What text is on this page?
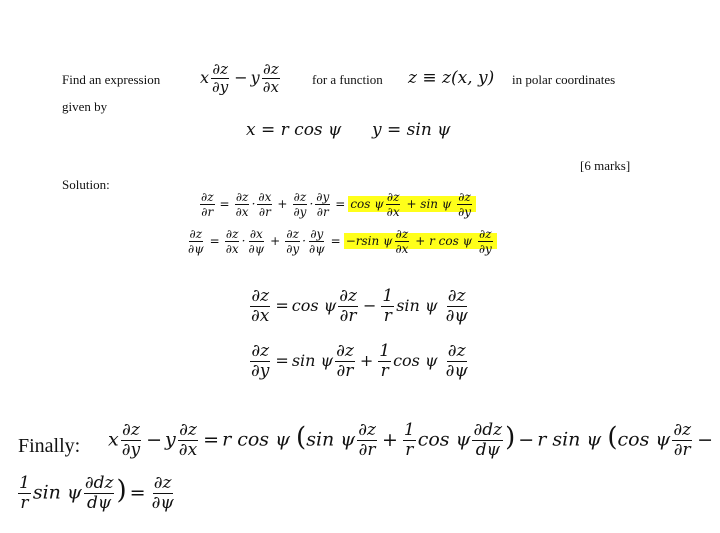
Find an expression x $\frac{\partial z}{\partial y} - y \frac{\partial z}{\partial x}$ for a function z ≡ z(x, y) in polar coordinates
given by
x = r cos ψ y = sin ψ
[6 marks]
Solution:
$\frac{\partial z}{\partial r} = \frac{\partial z}{\partial x} \cdot \frac{\partial x}{\partial r} + \frac{\partial z}{\partial y} \cdot \frac{\partial y}{\partial r} = \cos \psi \frac{\partial z}{\partial x} + \sin \psi \frac{\partial z}{\partial y}$
$\frac{\partial z}{\partial\psi} = \frac{\partial z}{\partial x} \cdot \frac{\partial x}{\partial\psi} + \frac{\partial z}{\partial y} \cdot \frac{\partial y}{\partial\psi} = -rsin$ ψ $\frac{\partial z}{\partial x} + r$ cos ψ $\frac{\partial z}{\partial y}$
$\frac{\partial z}{\partial x} = \cos \psi \frac{\partial z}{\partial r} - \frac{1}{r}$ sin ψ $\frac{\partial z}{\partial\psi}$
$\frac{\partial z}{\partial y} = \sin \psi \frac{\partial z}{\partial r} + \frac{1}{r}$ cos ψ $\frac{\partial z}{\partial\psi}$
Finally: x $\frac{\partial z}{\partial y} - y \frac{\partial z}{\partial x} = r$ cos ψ (sin ψ $\frac{\partial z}{\partial r} + \frac{1}{r}$ cos ψ $\frac{\partial dz}{d\psi}$ ) − r sin ψ (cos ψ $\frac{\partial z}{\partial r}$ −
$\frac{1}{r}$ sin ψ $\frac{\partial dz}{d\psi}$ ) = $\frac{\partial z}{\partial\psi}$
